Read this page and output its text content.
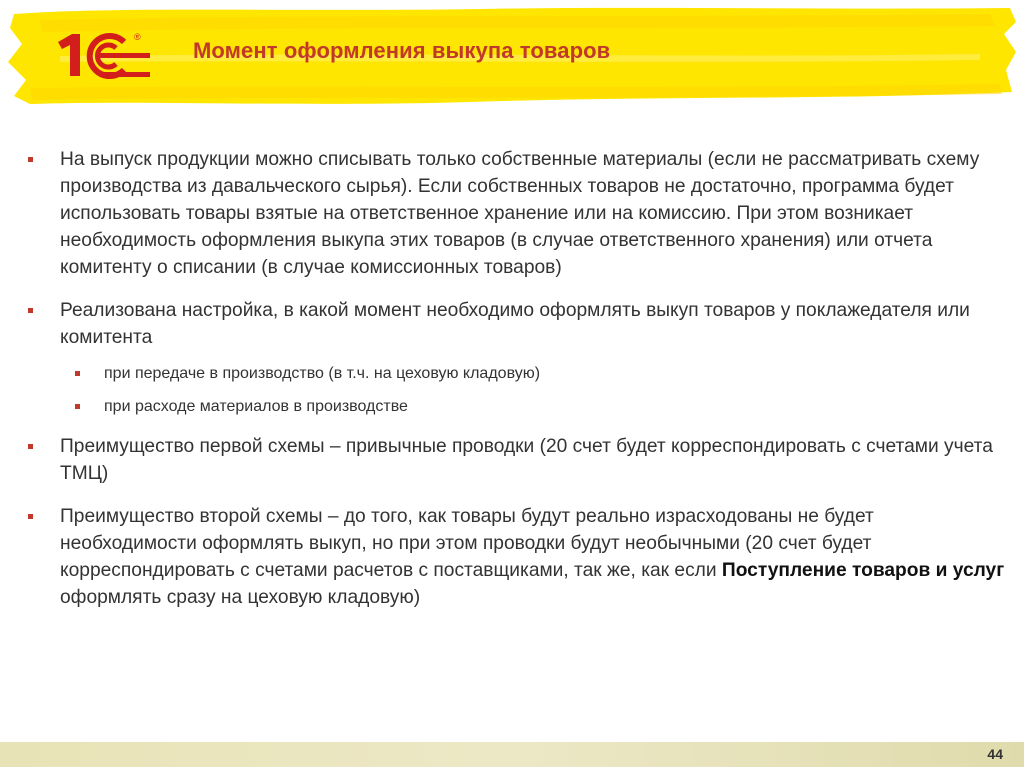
®
Момент оформления выкупа товаров
На выпуск продукции можно списывать только собственные материалы (если не рассматривать схему производства из давальческого сырья). Если собственных товаров не достаточно, программа будет использовать товары взятые на ответственное хранение или на комиссию. При этом возникает необходимость оформления выкупа этих товаров (в случае ответственного хранения) или отчета комитенту о списании (в случае комиссионных товаров)
Реализована настройка, в какой момент необходимо оформлять выкуп товаров у поклажедателя или комитента
при передаче в производство (в т.ч. на цеховую кладовую)
при расходе материалов в производстве
Преимущество первой схемы – привычные проводки (20 счет будет корреспондировать с счетами учета ТМЦ)
Преимущество второй схемы – до того, как товары будут реально израсходованы не будет необходимости оформлять выкуп, но при этом проводки будут необычными (20 счет будет корреспондировать с счетами расчетов с поставщиками, так же, как если Поступление товаров и услуг оформлять сразу на цеховую кладовую)
44
